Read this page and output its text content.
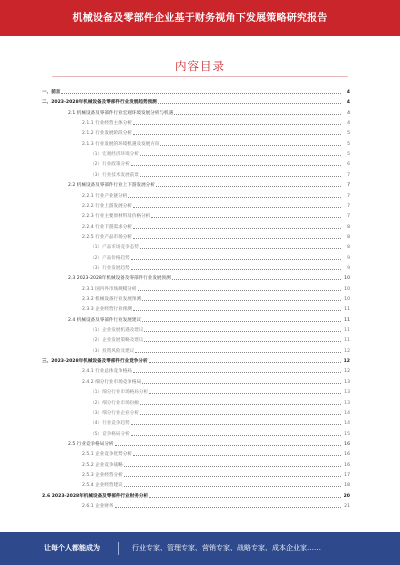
机械设备及零部件企业基于财务视角下发展策略研究报告
内容目录
一、前言	4
二、2023-2028年机械设备及零部件行业发展趋势预测	4
2.1 机械设备及零部件行业宏观环境发展分析与机遇	4
2.1.1 行业经营主体分析	4
2.1.2 行业发展阶段分析	5
2.1.3 行业发展的环境机遇及发展方向	5
（1）宏观经济环境分析	5
（2）行业政策分析	6
（3）行业技术发展前景	7
2.2 机械设备及零部件行业上下游发展分析	7
2.2.1 行业产业链分析	7
2.2.2 行业上游发展分析	7
2.2.3 行业主要原材料及价格分析	7
2.2.4 行业下游需求分析	8
2.2.5 行业产品市场分析	8
（1）产品市场竞争态势	8
（2）产品价格趋势	9
（3）行业发展趋势	9
2.3 2023-2028年机械设备及零部件行业发展预测	10
2.3.1 国内外市场规模分析	10
2.3.2 机械设备行业发展预测	10
2.3.3 企业经营行业预测	11
2.4 机械设备及零部件行业发展建议	11
（1）企业发展机遇及建议	11
（2）企业发展策略及建议	11
（3）投资风险及建议	12
三、2023-2028年机械设备及零部件行业竞争分析	12
2.4.1 行业总体竞争格局	12
2.4.2 细分行业市场竞争格局	13
（1）细分行业市场格局分析	13
（2）细分行业市场份额	13
（3）细分行业企业分析	14
（4）行业竞争趋势	14
（5）竞争格局分析	15
2.5 行业竞争格局分析	16
2.5.1 企业竞争优势分析	16
2.5.2 企业竞争战略	16
2.5.3 企业经营分析	17
2.5.4 企业经营建议	18
2.6 2023-2028年机械设备及零部件行业财务分析	20
2.6.1 企业财务	21
让每个人都能成为	行业专家、管理专家、营销专家、战略专家、成本企业家……
